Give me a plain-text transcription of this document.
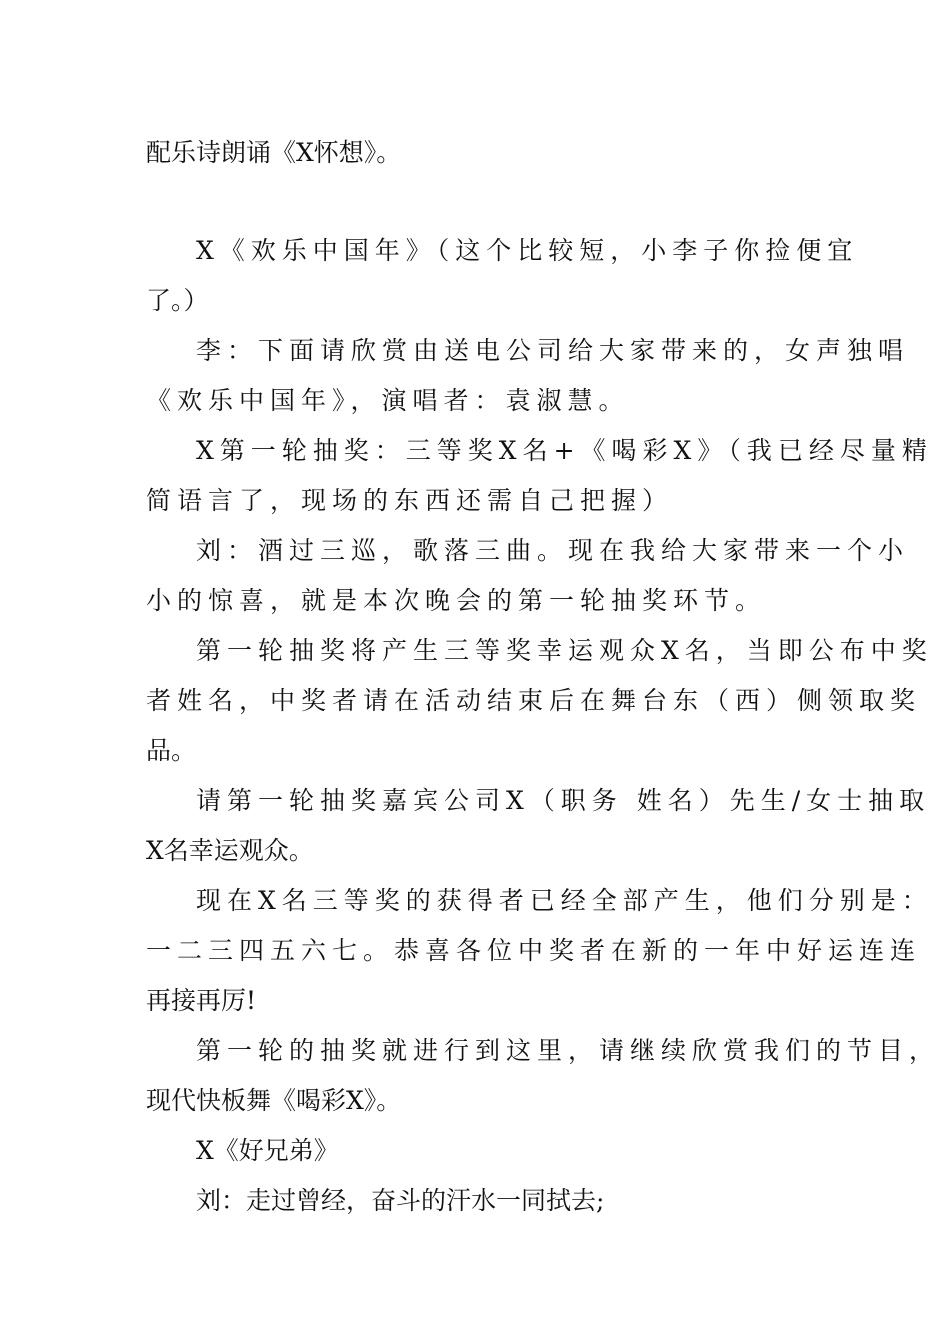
配乐诗朗诵《X怀想》。
X《欢乐中国年》（这个比较短，小李子你捡便宜
了。）
李：下面请欣赏由送电公司给大家带来的，女声独唱
《欢乐中国年》，演唱者：袁淑慧。
X第一轮抽奖：三等奖X名+《喝彩X》（我已经尽量精
简语言了，现场的东西还需自己把握）
刘：酒过三巡，歌落三曲。现在我给大家带来一个小
小的惊喜，就是本次晚会的第一轮抽奖环节。
第一轮抽奖将产生三等奖幸运观众X名，当即公布中奖
者姓名，中奖者请在活动结束后在舞台东（西）侧领取奖
品。
请第一轮抽奖嘉宾公司X（职务 姓名）先生/女士抽取
X名幸运观众。
现在X名三等奖的获得者已经全部产生，他们分别是：
一二三四五六七。恭喜各位中奖者在新的一年中好运连连
再接再厉!
第一轮的抽奖就进行到这里，请继续欣赏我们的节目，
现代快板舞《喝彩X》。
X《好兄弟》
刘：走过曾经，奋斗的汗水一同拭去;
